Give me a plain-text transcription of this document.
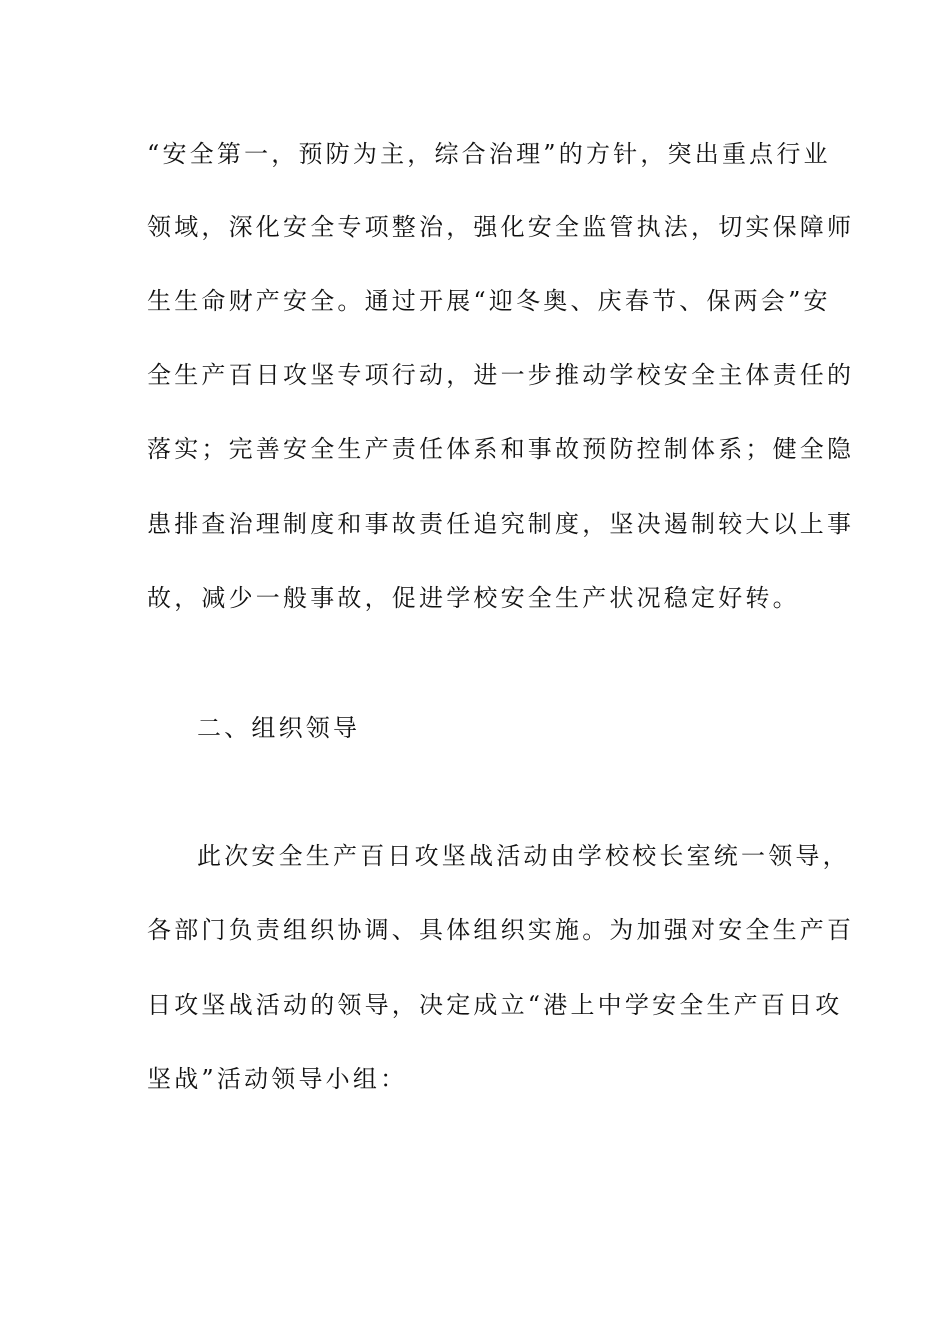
“安全第一，预防为主，综合治理”的方针，突出重点行业
领域，深化安全专项整治，强化安全监管执法，切实保障师
生生命财产安全。通过开展“迎冬奥、庆春节、保两会”安
全生产百日攻坚专项行动，进一步推动学校安全主体责任的
落实；完善安全生产责任体系和事故预防控制体系；健全隐
患排查治理制度和事故责任追究制度，坚决遏制较大以上事
故，减少一般事故，促进学校安全生产状况稳定好转。
二、组织领导
此次安全生产百日攻坚战活动由学校校长室统一领导，
各部门负责组织协调、具体组织实施。为加强对安全生产百
日攻坚战活动的领导，决定成立“港上中学安全生产百日攻
坚战”活动领导小组：
